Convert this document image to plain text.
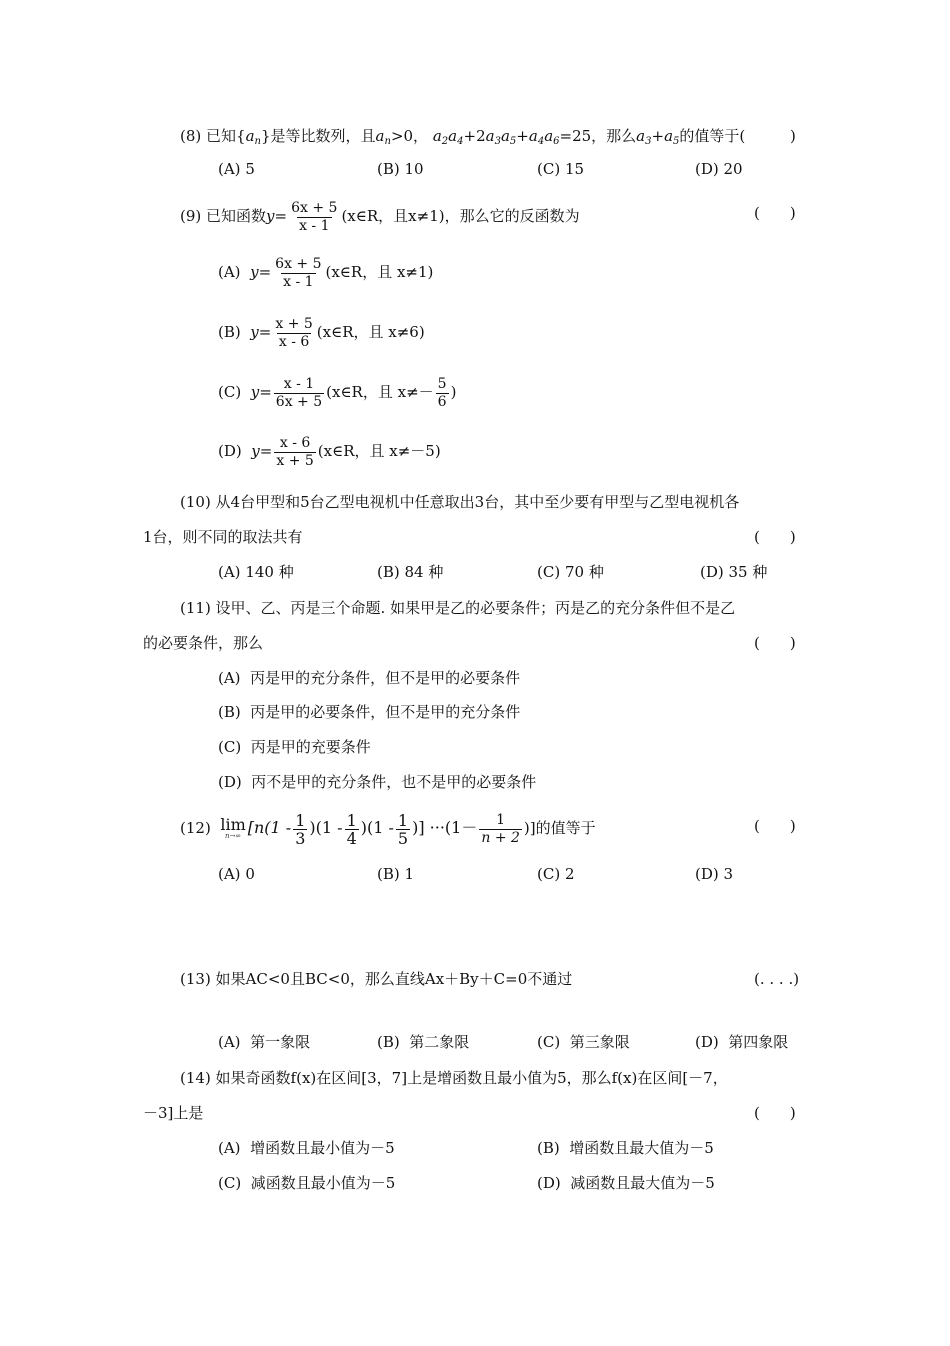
(8) 已知$\{a_n\}$是等比数列，且$a_n>0$， $a_2a_4+2a_3a_5+a_4a_6=25$，那么$a_3+a_5$的值等于(	)
(A) 5	(B) 10	(C) 15	(D) 20
(9) 已知函数$y= \frac{6x + 5}{x - 1}$ (x∈R，且x≠1)，那么它的反函数为	(　　)
(A) $y= \frac{6x + 5}{x - 1}$ (x∈R，且 x≠1)
(B) $y= \frac{x + 5}{x - 6}$ (x∈R，且 x≠6)
(C) $y= \frac{x - 1}{6x + 5}$ (x∈R，且 $x\ne- \frac{5}{6}$ )
(D) $y= \frac{x - 6}{x + 5}$ (x∈R，且 x≠－5)
(10) 从4台甲型和5台乙型电视机中任意取出3台，其中至少要有甲型与乙型电视机各
1台，则不同的取法共有	(　　)
(A) 140 种	(B) 84 种	(C) 70 种	(D) 35 种
(11) 设甲、乙、丙是三个命题. 如果甲是乙的必要条件；丙是乙的充分条件但不是乙
的必要条件，那么	(　　)
(A) 丙是甲的充分条件，但不是甲的必要条件
(B) 丙是甲的必要条件，但不是甲的充分条件
(C) 丙是甲的充要条件
(D) 丙不是甲的充分条件，也不是甲的必要条件
(12) lim
n→∞ [$n(1 - \frac{1}{3} )(1 - \frac{1}{4} )(1 - \frac{1}{5}$ )] $\cdot\cdot\cdot(1- \frac{1}{n + 2}$ )]的值等于	(　　)
(A) 0	(B) 1	(C) 2	(D) 3
(13) 如果AC<0且BC<0，那么直线Ax＋By＋C=0不通过	(. . . .)
(A) 第一象限	(B) 第二象限	(C) 第三象限	(D) 第四象限
(14) 如果奇函数f(x)在区间[3，7]上是增函数且最小值为5，那么f(x)在区间[－7，
－3]上是	(　　)
(A) 增函数且最小值为－5	(B) 增函数且最大值为－5
(C) 减函数且最小值为－5	(D) 减函数且最大值为－5
